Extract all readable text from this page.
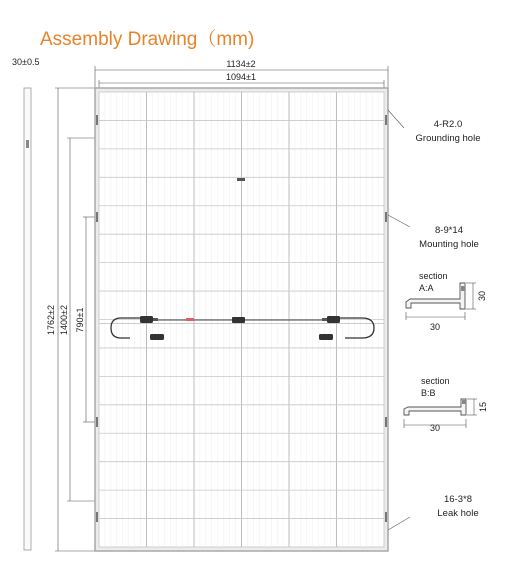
Assembly Drawing（mm)
30±0.5	1134±2
1094±1
1762±2 1400±2 790±1
4-R2.0
Grounding hole
8-9*14
Mounting hole
16-3*8
Leak hole
section
A:A
30
30
section
B:B
15
30
